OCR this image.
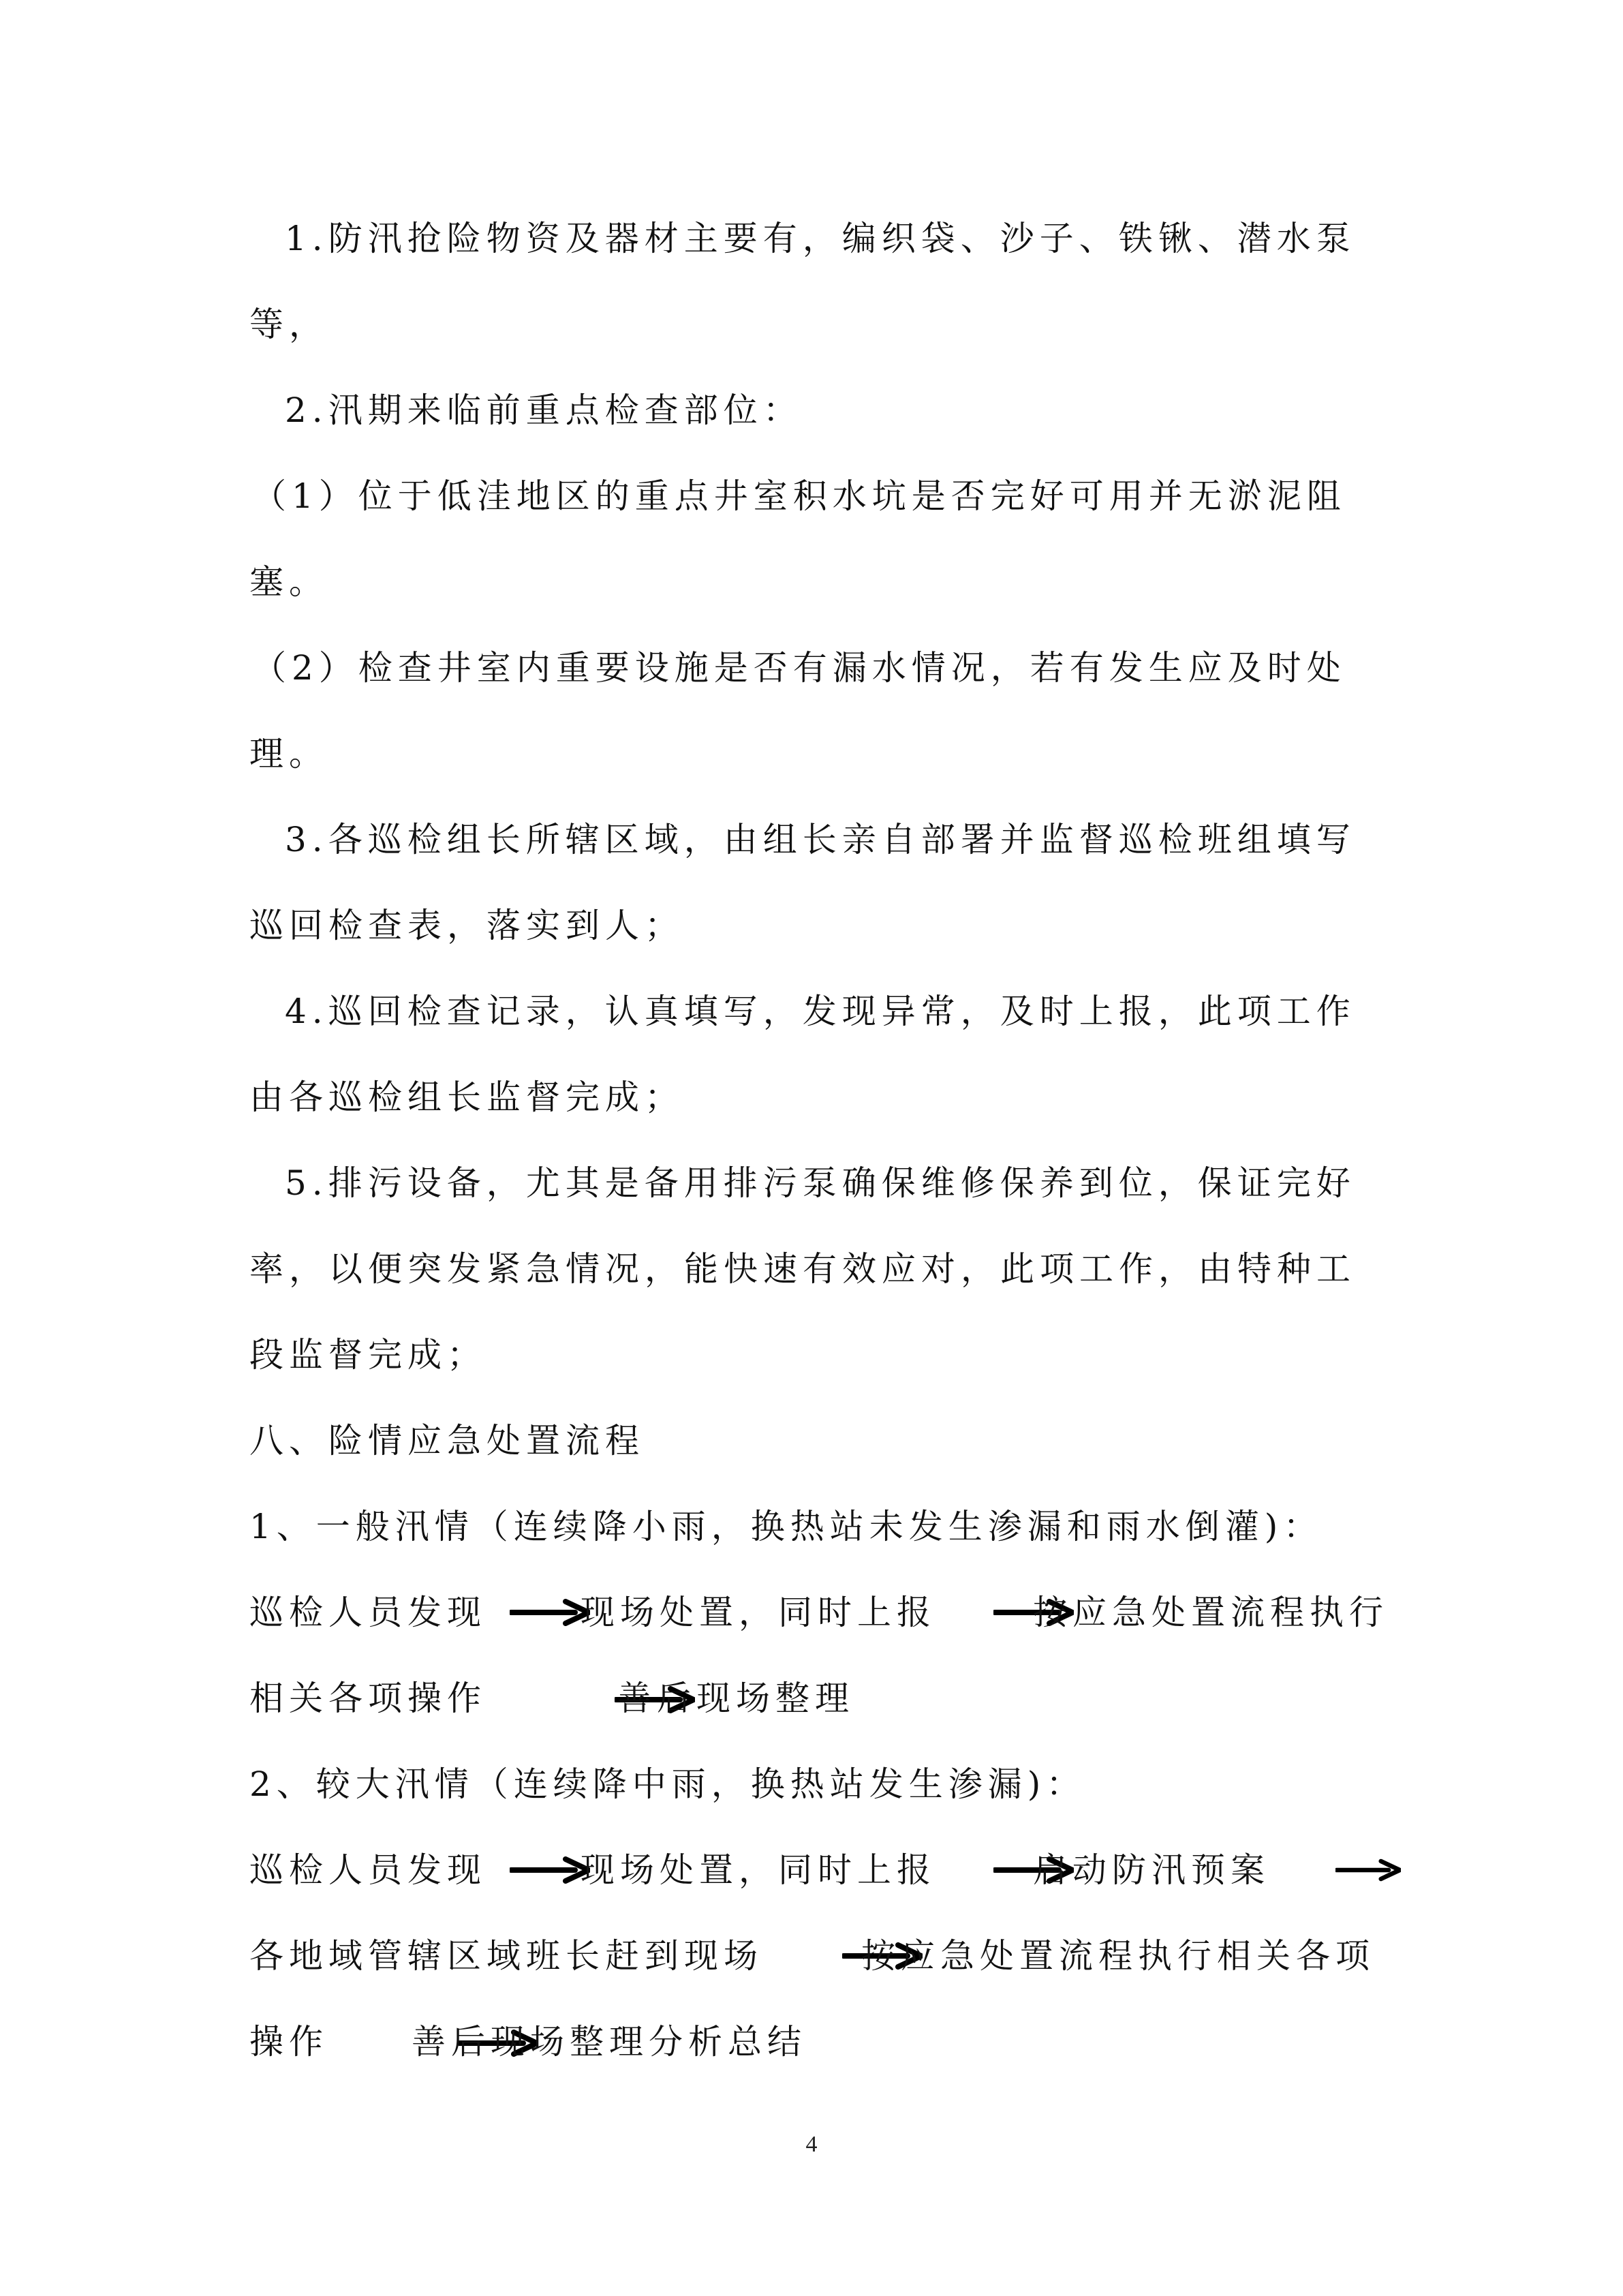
1.防汛抢险物资及器材主要有，编织袋、沙子、铁锹、潜水泵
等，
2.汛期来临前重点检查部位：
（1）位于低洼地区的重点井室积水坑是否完好可用并无淤泥阻
塞。
（2）检查井室内重要设施是否有漏水情况，若有发生应及时处
理。
3.各巡检组长所辖区域，由组长亲自部署并监督巡检班组填写
巡回检查表，落实到人；
4.巡回检查记录，认真填写，发现异常，及时上报，此项工作
由各巡检组长监督完成；
5.排污设备，尤其是备用排污泵确保维修保养到位，保证完好
率，以便突发紧急情况，能快速有效应对，此项工作，由特种工
段监督完成；
八、险情应急处置流程
1、一般汛情（连续降小雨，换热站未发生渗漏和雨水倒灌)：
巡检人员发现	现场处置，同时上报	按应急处置流程执行
相关各项操作	善后现场整理
2、较大汛情（连续降中雨，换热站发生渗漏)：
巡检人员发现	现场处置，同时上报	启动防汛预案
各地域管辖区域班长赶到现场	按应急处置流程执行相关各项
操作 善后现场整理分析总结
4
